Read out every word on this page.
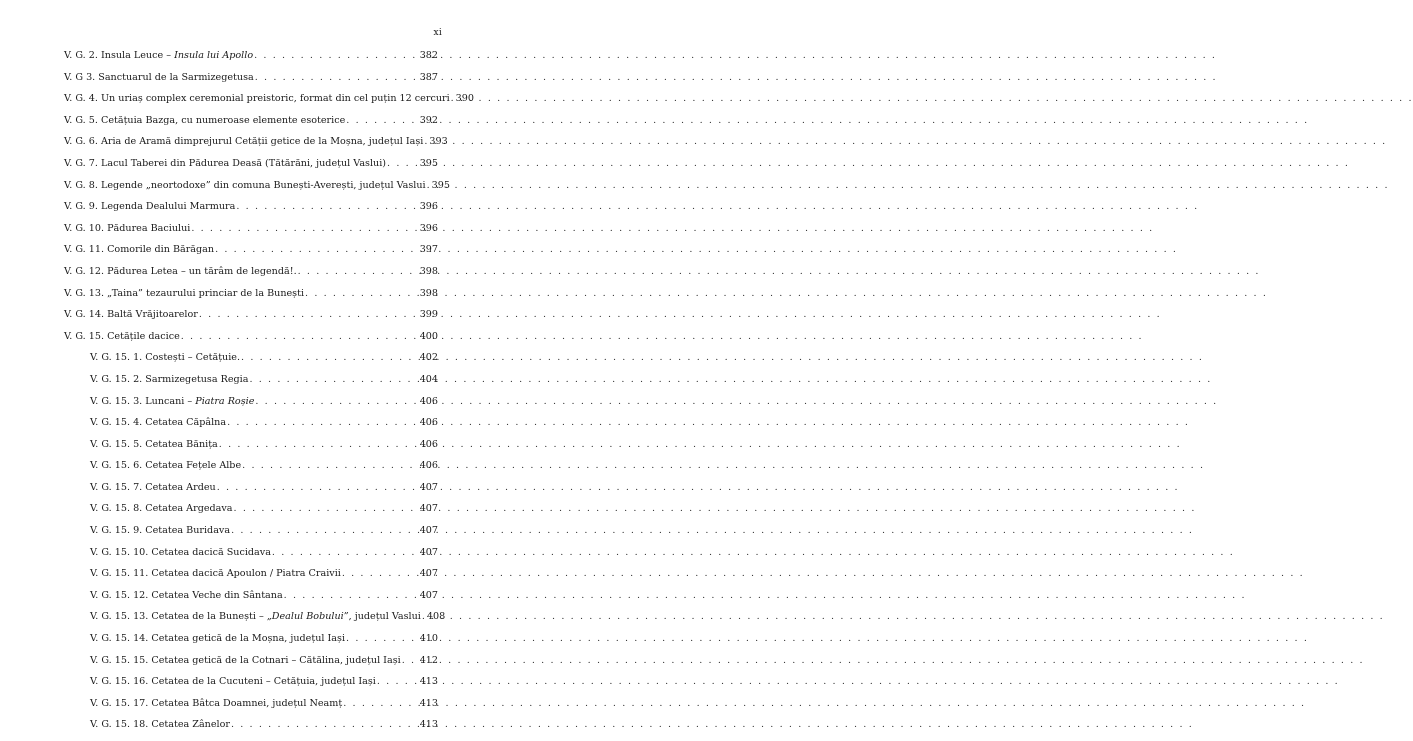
xi
V. G. 2. Insula Leuce – Insula lui Apollo . . .	382
V. G 3. Sanctuarul de la Sarmizegetusa . . .	387
V. G. 4. Un uriaș complex ceremonial preistoric, format din cel puțin 12 cercuri . . . 390
V. G. 5. Cetățuia Bazga, cu numeroase elemente esoterice . . .	392
V. G. 6. Aria de Aramă dimprejurul Cetății getice de la Moșna, județul Iași . . . 393
V. G. 7. Lacul Taberei din Pădurea Deasă (Tătărăni, județul Vaslui) . . .	395
V. G. 8. Legende „neortodoxe” din comuna Bunești-Averești, județul Vaslui . . . 395
V. G. 9. Legenda Dealului Marmura . . .	396
V. G. 10. Pădurea Baciului . . .	396
V. G. 11. Comorile din Bărăgan . . .	397
V. G. 12. Pădurea Letea – un tărâm de legendă!. . . .	398
V. G. 13. „Taina” tezaurului princiar de la Bunești . . .	398
V. G. 14. Baltă Vrăjitoarelor . . .	399
V. G. 15. Cetățile dacice . . .	400
V. G. 15. 1. Costești – Cetățuie. . . .	402
V. G. 15. 2. Sarmizegetusa Regia . . .	404
V. G. 15. 3. Luncani – Piatra Roșie . . .	406
V. G. 15. 4. Cetatea Căpâlna . . .	406
V. G. 15. 5. Cetatea Bănița . . .	406
V. G. 15. 6. Cetatea Fețele Albe . . .	406
V. G. 15. 7. Cetatea Ardeu . . .	407
V. G. 15. 8. Cetatea Argedava . . .	407
V. G. 15. 9. Cetatea Buridava . . .	407
V. G. 15. 10. Cetatea dacică Sucidava . . .	407
V. G. 15. 11. Cetatea dacică Apoulon / Piatra Craivii . . .	407
V. G. 15. 12. Cetatea Veche din Sântana . . .	407
V. G. 15. 13. Cetatea de la Bunești – „Dealul Bobului”, județul Vaslui . . . 408
V. G. 15. 14. Cetatea getică de la Moșna, județul Iași . . .	410
V. G. 15. 15. Cetatea getică de la Cotnari – Cătălina, județul Iași . . . 412
V. G. 15. 16. Cetatea de la Cucuteni – Cetățuia, județul Iași . . .	413
V. G. 15. 17. Cetatea Bâtca Doamnei, județul Neamț . . .	413
V. G. 15. 18. Cetatea Zânelor . . .	413
